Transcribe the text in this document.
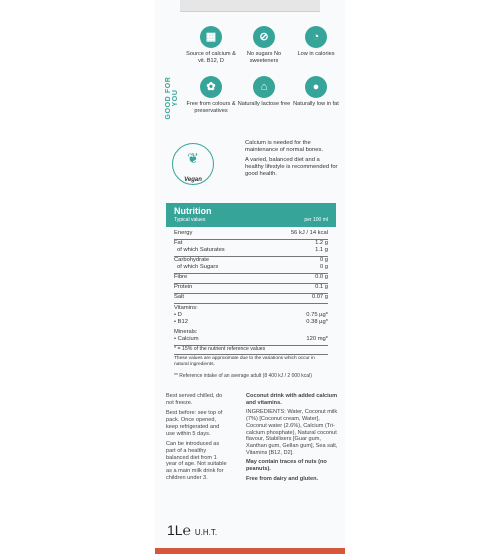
GOOD FOR YOU
▦
Source of calcium & vit. B12, D
⊘
No sugars No sweeteners
◔
Low in calories
✿
Free from colours & preservatives
⌂
Naturally lactose free
●
Naturally low in fat
❦
Vegan

Calcium is needed for the maintenance of normal bones.

A varied, balanced diet and a healthy lifestyle is recommended for good health.

Nutrition
Typical values	per 100 ml
Energy	56 kJ / 14 kcal
Fat	1.2 g
of which Saturates	1.1 g
Carbohydrate	0 g
of which Sugars	0 g
Fibre	0.0 g
Protein	0.1 g
Salt	0.07 g
Vitamins:
• D	0.75 µg*
• B12	0.38 µg*
Minerals:
• Calcium	120 mg*
* = 15% of the nutrient reference values
These values are approximate due to the variations which occur in natural ingredients.
** Reference intake of an average adult (8 400 kJ / 2 000 kcal)

Best served chilled, do not freeze.

Best before: see top of pack. Once opened, keep refrigerated and use within 5 days.

Can be introduced as part of a healthy balanced diet from 1 year of age. Not suitable as a main milk drink for children under 3.

Coconut drink with added calcium and vitamins.

INGREDIENTS: Water, Coconut milk (7%) [Coconut cream, Water], Coconut water (2.6%), Calcium (Tri-calcium phosphate), Natural coconut flavour, Stabilisers [Guar gum, Xanthan gum, Gellan gum], Sea salt, Vitamins [B12, D2].

May contain traces of nuts (no peanuts).

Free from dairy and gluten.

1L℮ U.H.T.
